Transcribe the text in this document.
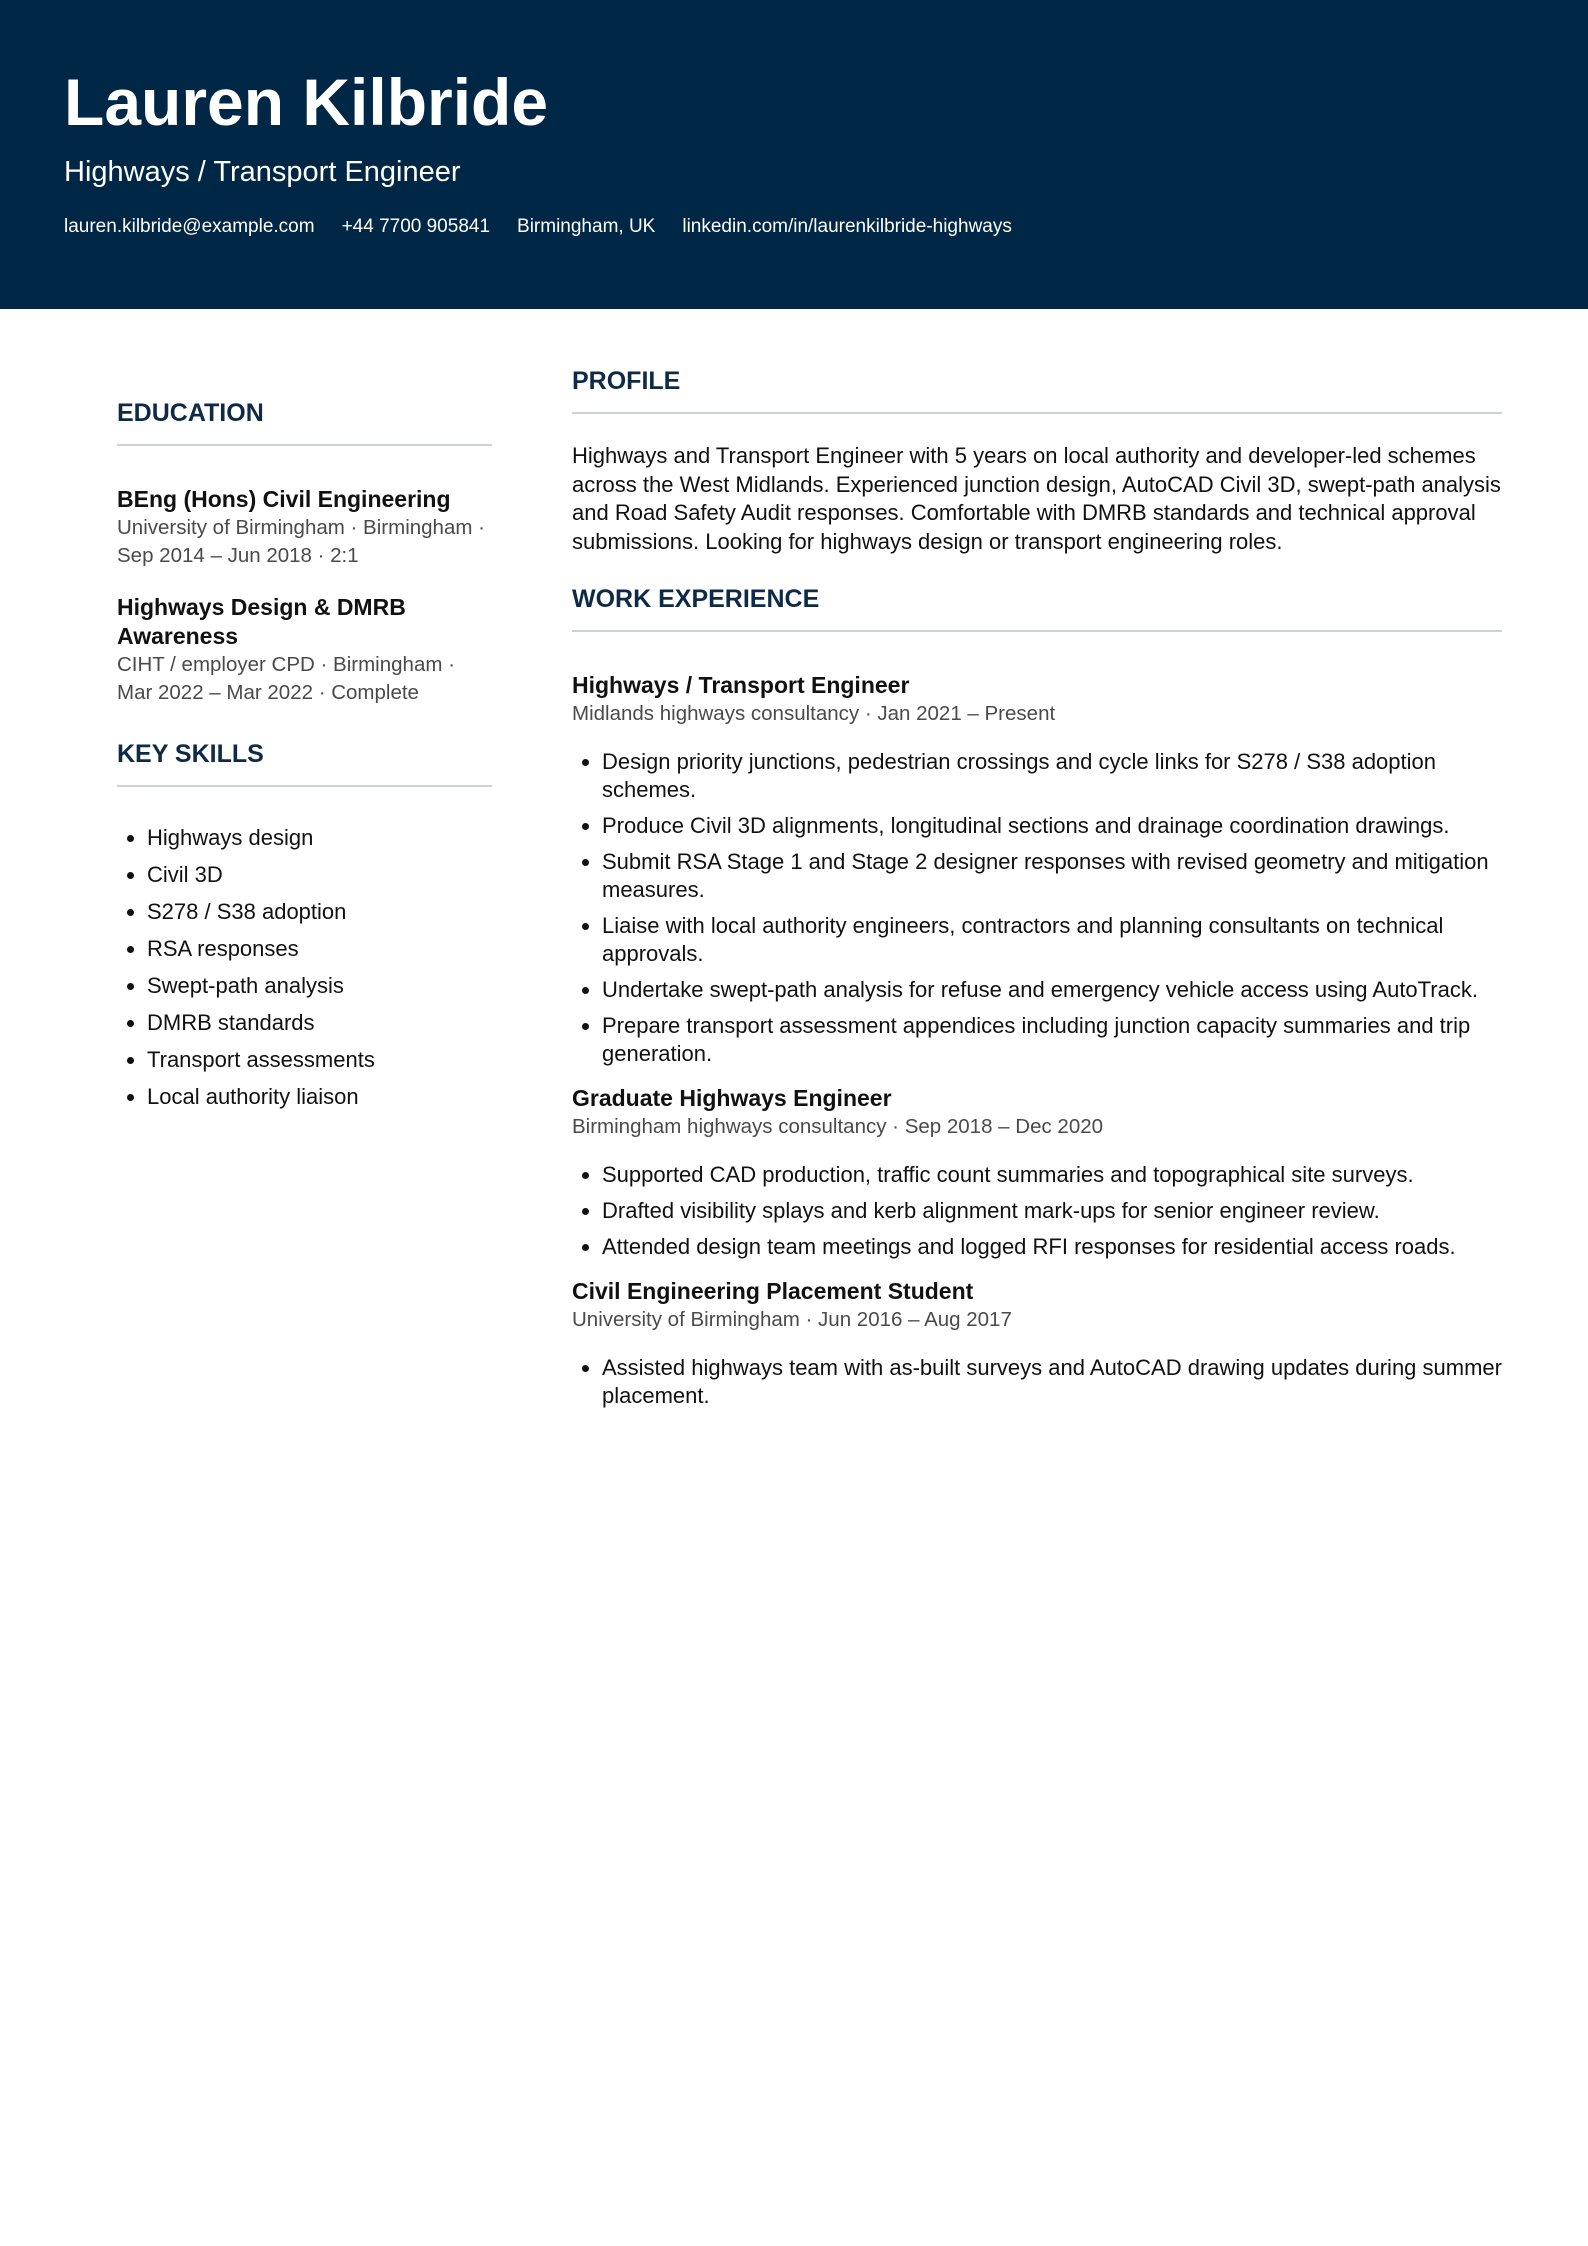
Lauren Kilbride
Highways / Transport Engineer
lauren.kilbride@example.com +44 7700 905841 Birmingham, UK linkedin.com/in/laurenkilbride-highways
EDUCATION
BEng (Hons) Civil Engineering
University of Birmingham · Birmingham · Sep 2014 – Jun 2018 · 2:1
Highways Design & DMRB Awareness
CIHT / employer CPD · Birmingham · Mar 2022 – Mar 2022 · Complete
KEY SKILLS
• Highways design
• Civil 3D
• S278 / S38 adoption
• RSA responses
• Swept-path analysis
• DMRB standards
• Transport assessments
• Local authority liaison
PROFILE
Highways and Transport Engineer with 5 years on local authority and developer-led schemes across the West Midlands. Experienced junction design, AutoCAD Civil 3D, swept-path analysis and Road Safety Audit responses. Comfortable with DMRB standards and technical approval submissions. Looking for highways design or transport engineering roles.
WORK EXPERIENCE
Highways / Transport Engineer
Midlands highways consultancy · Jan 2021 – Present
• Design priority junctions, pedestrian crossings and cycle links for S278 / S38 adoption schemes.
• Produce Civil 3D alignments, longitudinal sections and drainage coordination drawings.
• Submit RSA Stage 1 and Stage 2 designer responses with revised geometry and mitigation measures.
• Liaise with local authority engineers, contractors and planning consultants on technical approvals.
• Undertake swept-path analysis for refuse and emergency vehicle access using AutoTrack.
• Prepare transport assessment appendices including junction capacity summaries and trip generation.
Graduate Highways Engineer
Birmingham highways consultancy · Sep 2018 – Dec 2020
• Supported CAD production, traffic count summaries and topographical site surveys.
• Drafted visibility splays and kerb alignment mark-ups for senior engineer review.
• Attended design team meetings and logged RFI responses for residential access roads.
Civil Engineering Placement Student
University of Birmingham · Jun 2016 – Aug 2017
• Assisted highways team with as-built surveys and AutoCAD drawing updates during summer placement.
